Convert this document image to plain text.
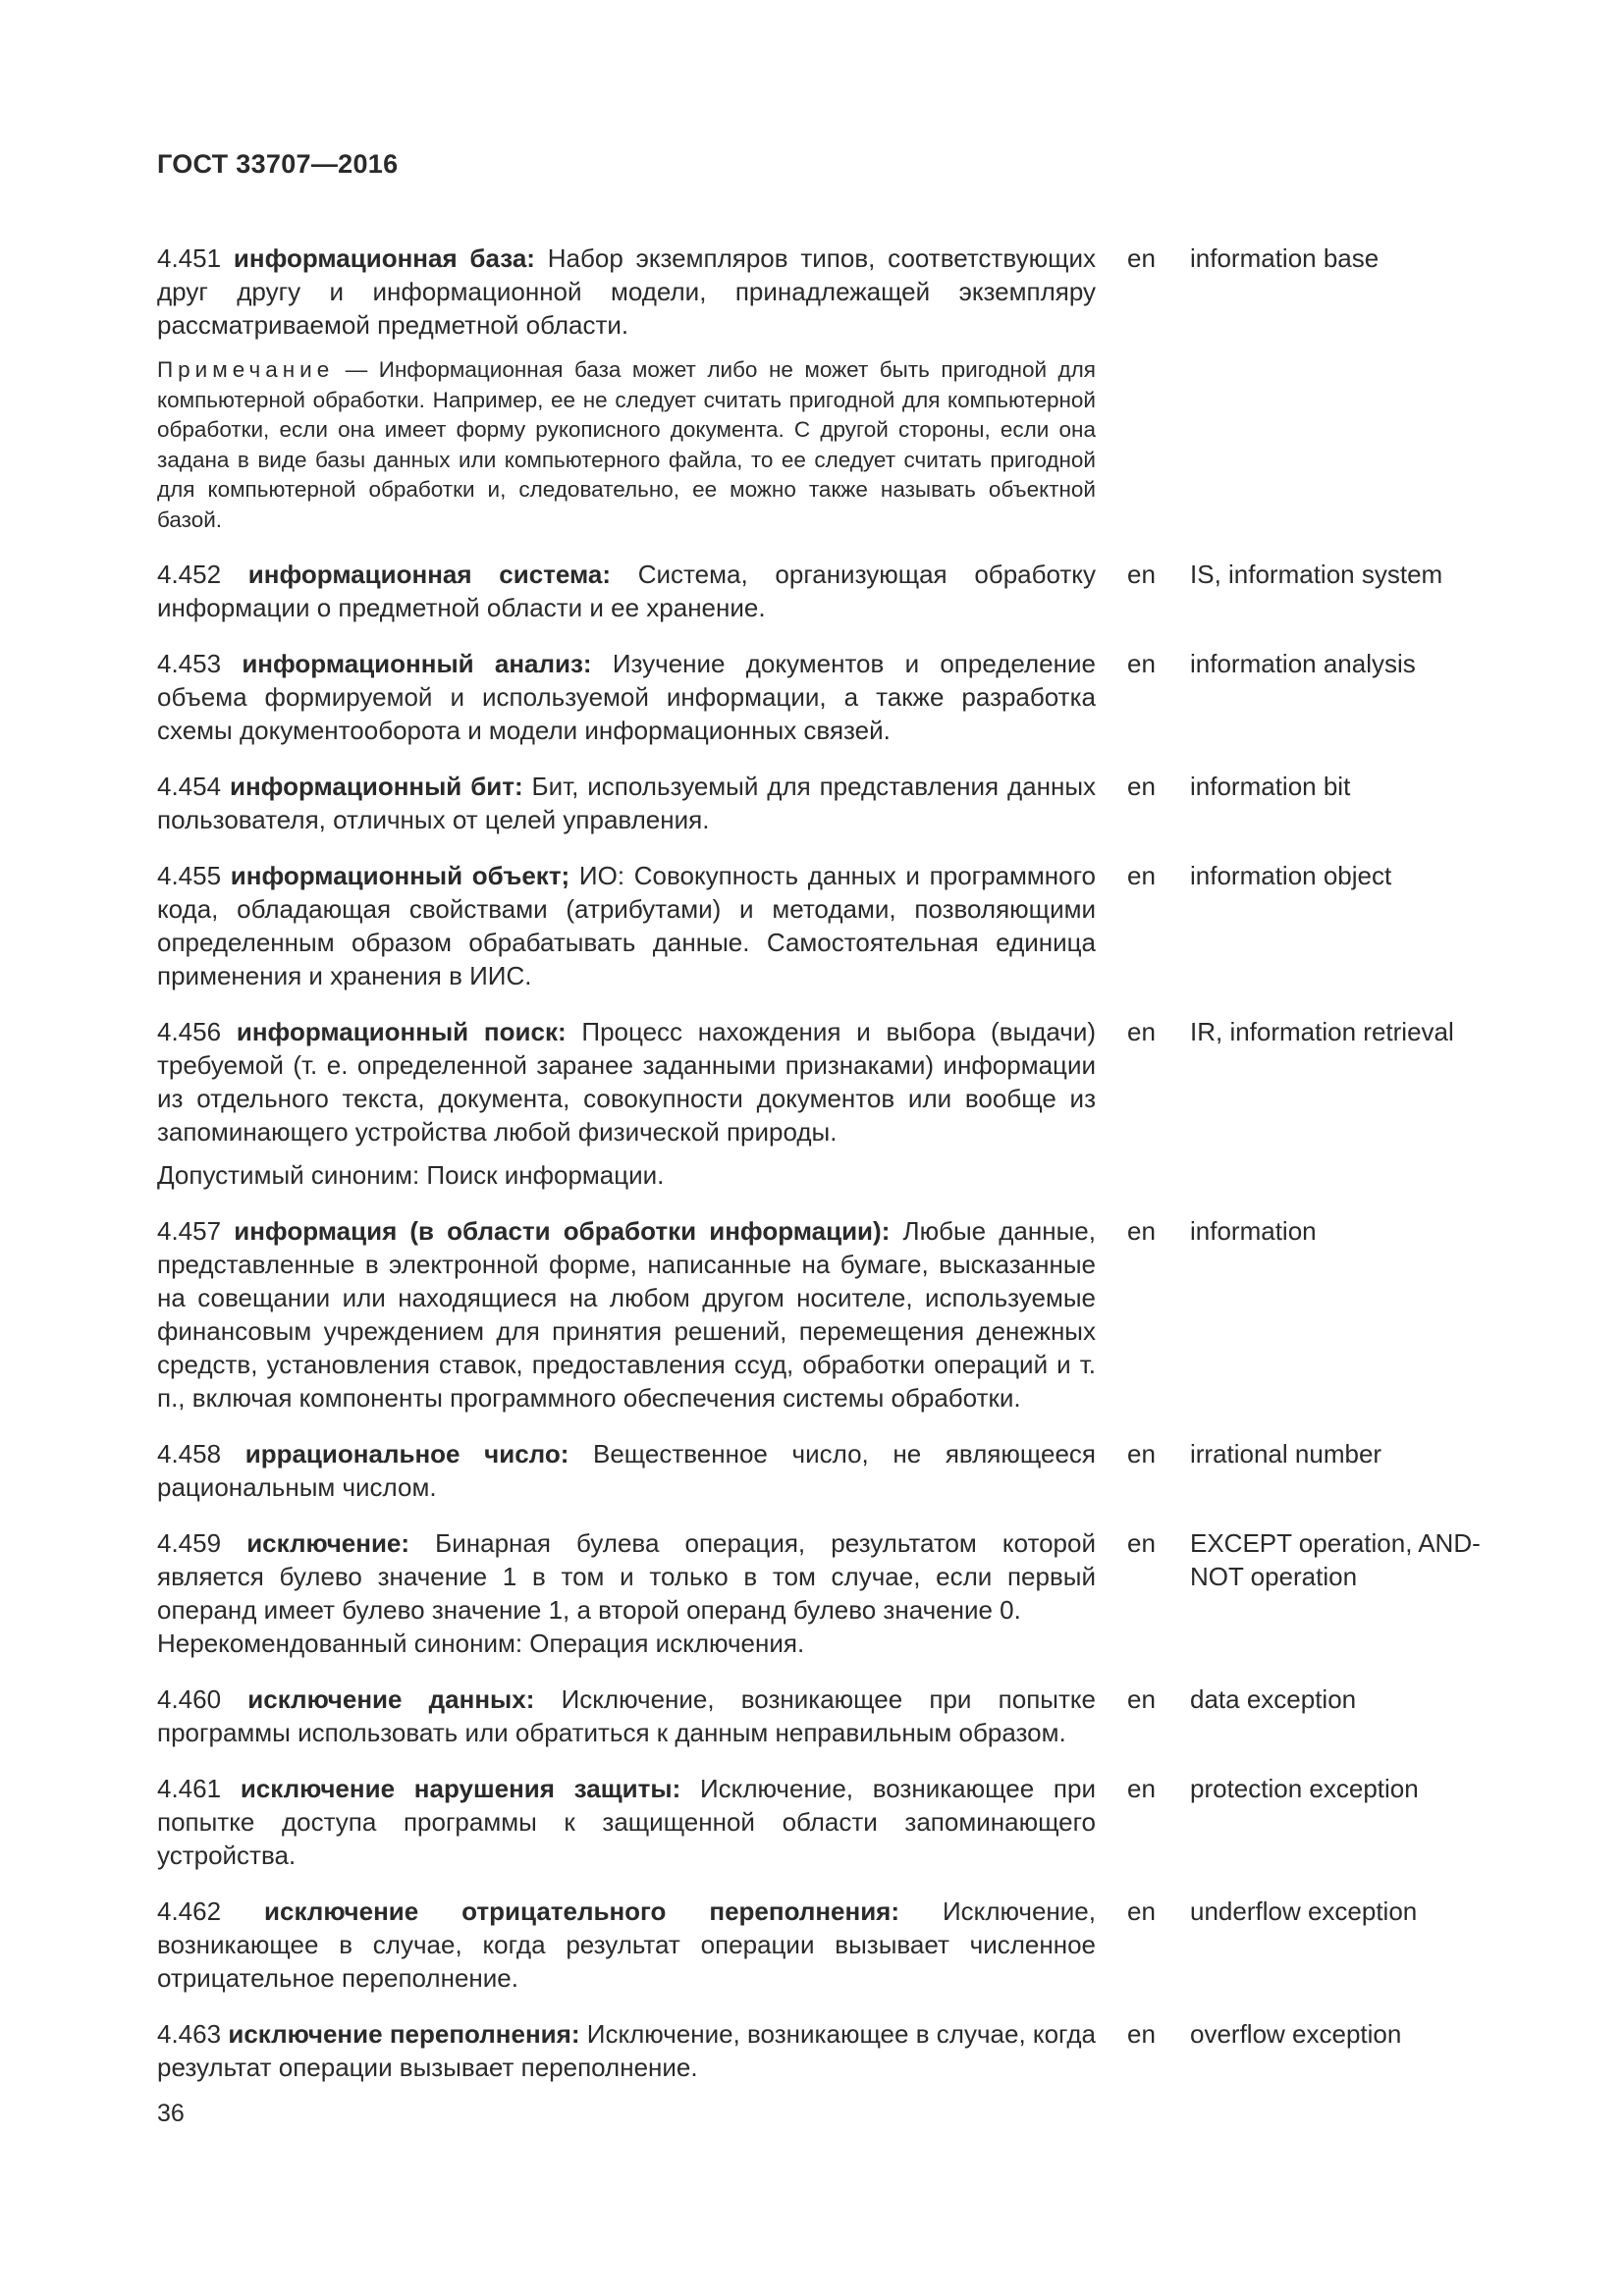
ГОСТ 33707—2016
4.451 информационная база: Набор экземпляров типов, соответствующих друг другу и информационной модели, принадлежащей экземпляру рассматриваемой предметной области.
Примечание — Информационная база может либо не может быть пригодной для компьютерной обработки. Например, ее не следует считать пригодной для компьютерной обработки, если она имеет форму рукописного документа. С другой стороны, если она задана в виде базы данных или компьютерного файла, то ее следует считать пригодной для компьютерной обработки и, следовательно, ее можно также называть объектной базой.
en information base
4.452 информационная система: Система, организующая обработку информации о предметной области и ее хранение.
en IS, information system
4.453 информационный анализ: Изучение документов и определение объема формируемой и используемой информации, а также разработка схемы документооборота и модели информационных связей.
en information analysis
4.454 информационный бит: Бит, используемый для представления данных пользователя, отличных от целей управления.
en information bit
4.455 информационный объект; ИО: Совокупность данных и программного кода, обладающая свойствами (атрибутами) и методами, позволяющими определенным образом обрабатывать данные. Самостоятельная единица применения и хранения в ИИС.
en information object
4.456 информационный поиск: Процесс нахождения и выбора (выдачи) требуемой (т. е. определенной заранее заданными признаками) информации из отдельного текста, документа, совокупности документов или вообще из запоминающего устройства любой физической природы.
Допустимый синоним: Поиск информации.
en IR, information retrieval
4.457 информация (в области обработки информации): Любые данные, представленные в электронной форме, написанные на бумаге, высказанные на совещании или находящиеся на любом другом носителе, используемые финансовым учреждением для принятия решений, перемещения денежных средств, установления ставок, предоставления ссуд, обработки операций и т. п., включая компоненты программного обеспечения системы обработки.
en information
4.458 иррациональное число: Вещественное число, не являющееся рациональным числом.
en irrational number
4.459 исключение: Бинарная булева операция, результатом которой является булево значение 1 в том и только в том случае, если первый операнд имеет булево значение 1, а второй операнд булево значение 0.
Нерекомендованный синоним: Операция исключения.
en EXCEPT operation, AND-NOT operation
4.460 исключение данных: Исключение, возникающее при попытке программы использовать или обратиться к данным неправильным образом.
en data exception
4.461 исключение нарушения защиты: Исключение, возникающее при попытке доступа программы к защищенной области запоминающего устройства.
en protection exception
4.462 исключение отрицательного переполнения: Исключение, возникающее в случае, когда результат операции вызывает численное отрицательное переполнение.
en underflow exception
4.463 исключение переполнения: Исключение, возникающее в случае, когда результат операции вызывает переполнение.
en overflow exception
36
